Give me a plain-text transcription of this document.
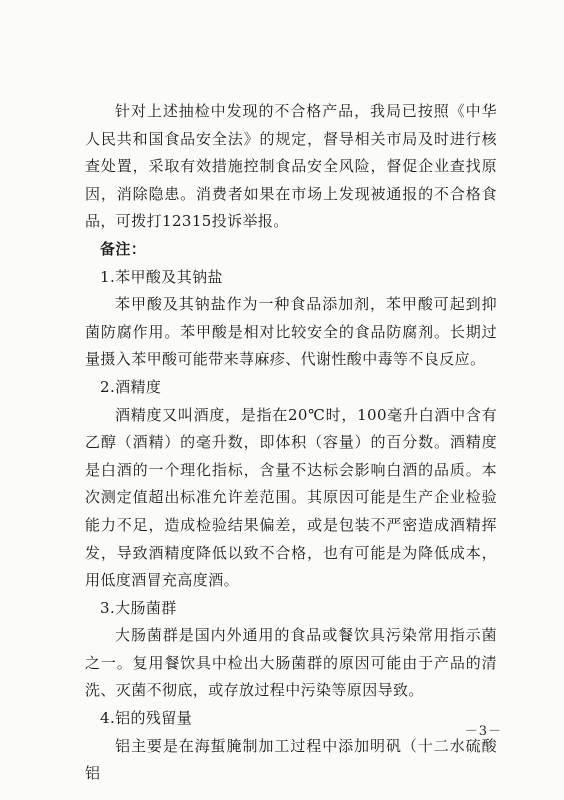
针对上述抽检中发现的不合格产品，我局已按照《中华人民共和国食品安全法》的规定，督导相关市局及时进行核查处置，采取有效措施控制食品安全风险，督促企业查找原因，消除隐患。消费者如果在市场上发现被通报的不合格食品，可拨打12315投诉举报。

备注：

1.苯甲酸及其钠盐

苯甲酸及其钠盐作为一种食品添加剂，苯甲酸可起到抑菌防腐作用。苯甲酸是相对比较安全的食品防腐剂。长期过量摄入苯甲酸可能带来荨麻疹、代谢性酸中毒等不良反应。

2.酒精度

酒精度又叫酒度，是指在20℃时，100毫升白酒中含有乙醇（酒精）的毫升数，即体积（容量）的百分数。酒精度是白酒的一个理化指标，含量不达标会影响白酒的品质。本次测定值超出标准允许差范围。其原因可能是生产企业检验能力不足，造成检验结果偏差，或是包装不严密造成酒精挥发，导致酒精度降低以致不合格，也有可能是为降低成本，用低度酒冒充高度酒。

3.大肠菌群

大肠菌群是国内外通用的食品或餐饮具污染常用指示菌之一。复用餐饮具中检出大肠菌群的原因可能由于产品的清洗、灭菌不彻底，或存放过程中污染等原因导致。

4.铝的残留量

铝主要是在海蜇腌制加工过程中添加明矾（十二水硫酸铝

－3－
